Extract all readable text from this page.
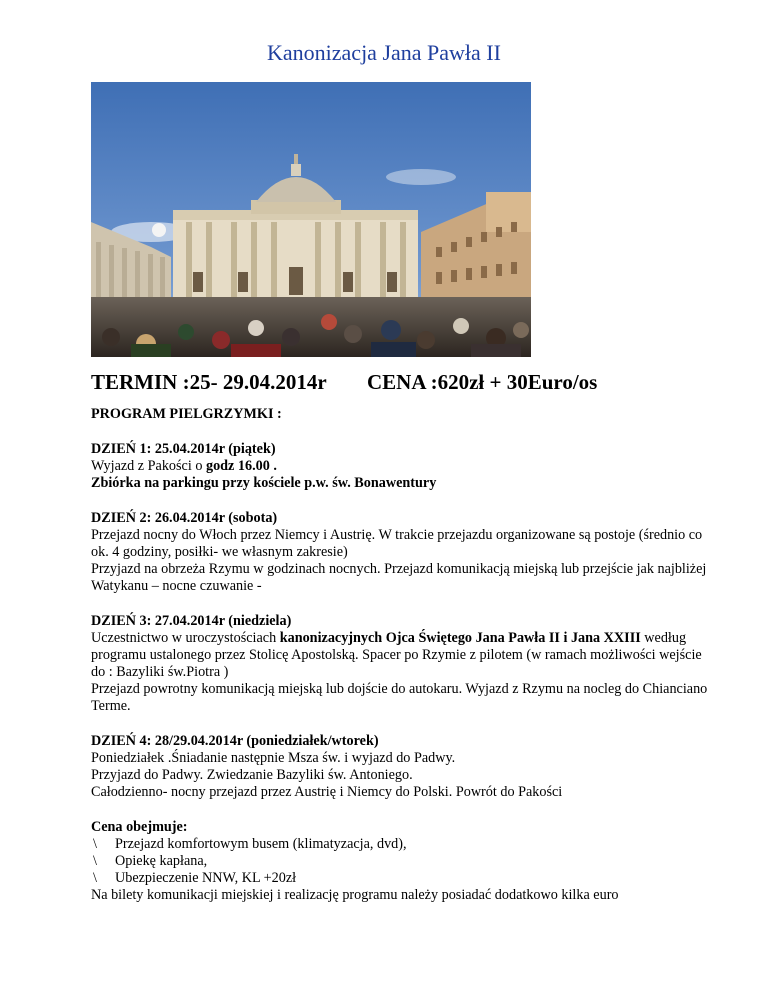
Kanonizacja Jana Pawła II
TERMIN :25- 29.04.2014r CENA :620zł + 30Euro/os

PROGRAM PIELGRZYMKI :

DZIEŃ 1: 25.04.2014r (piątek)

Wyjazd z Pakości o godz 16.00 .

Zbiórka na parkingu przy kościele p.w. św. Bonawentury

DZIEŃ 2: 26.04.2014r (sobota)

Przejazd nocny do Włoch przez Niemcy i Austrię. W trakcie przejazdu organizowane są postoje (średnio co ok. 4 godziny, posiłki- we własnym zakresie)

Przyjazd na obrzeża Rzymu w godzinach nocnych. Przejazd komunikacją miejską lub przejście jak najbliżej Watykanu – nocne czuwanie -

DZIEŃ 3: 27.04.2014r (niedziela)

Uczestnictwo w uroczystościach kanonizacyjnych Ojca Świętego Jana Pawła II i Jana XXIII według programu ustalonego przez Stolicę Apostolską. Spacer po Rzymie z pilotem (w ramach możliwości wejście do : Bazyliki św.Piotra )

Przejazd powrotny komunikacją miejską lub dojście do autokaru. Wyjazd z Rzymu na nocleg do Chianciano Terme.

DZIEŃ 4: 28/29.04.2014r (poniedziałek/wtorek)

Poniedziałek .Śniadanie następnie Msza św. i wyjazd do Padwy.

Przyjazd do Padwy. Zwiedzanie Bazyliki św. Antoniego.

Całodzienno- nocny przejazd przez Austrię i Niemcy do Polski. Powrót do Pakości

Cena obejmuje:

\ Przejazd komfortowym busem (klimatyzacja, dvd),

\ Opiekę kapłana,

\ Ubezpieczenie NNW, KL +20zł

Na bilety komunikacji miejskiej i realizację programu należy posiadać dodatkowo kilka euro
